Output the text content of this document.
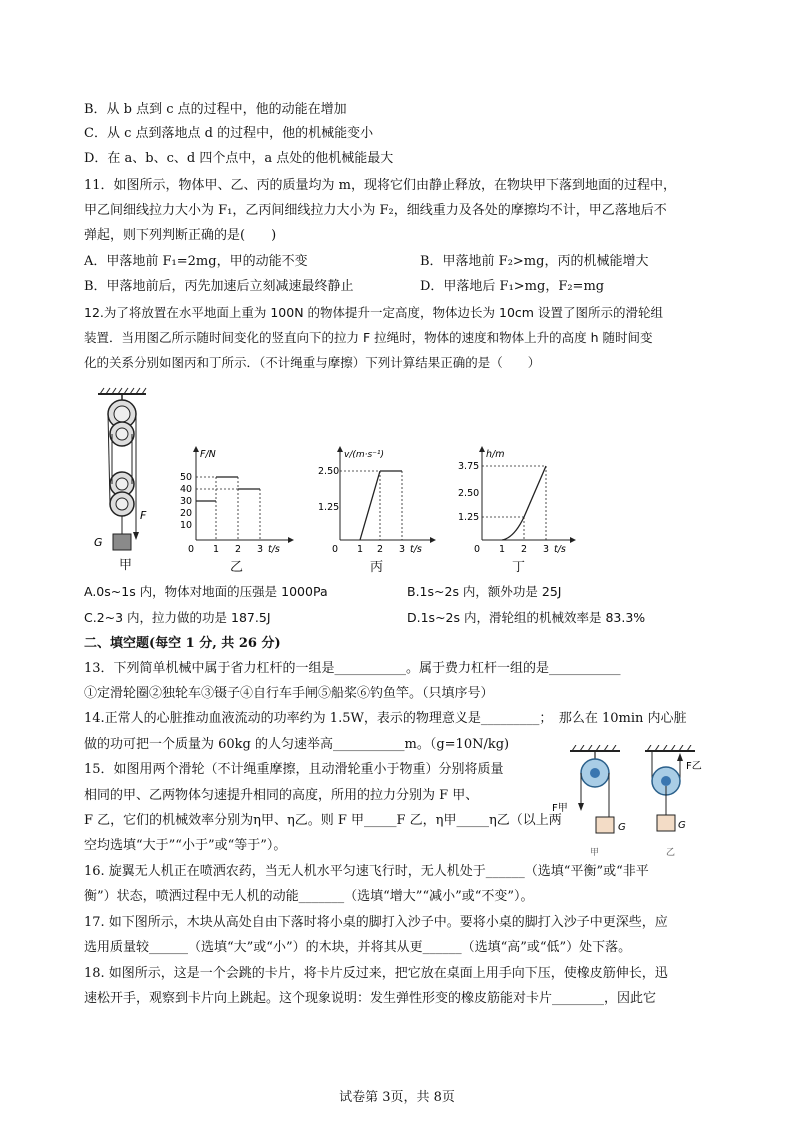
B．从 b 点到 c 点的过程中，他的动能在增加
C．从 c 点到落地点 d 的过程中，他的机械能变小
D．在 a、b、c、d 四个点中，a 点处的他机械能最大
11．如图所示，物体甲、乙、丙的质量均为 m，现将它们由静止释放，在物块甲下落到地面的过程中，
甲乙间细线拉力大小为 F₁，乙丙间细线拉力大小为 F₂，细线重力及各处的摩擦均不计，甲乙落地后不
弹起，则下列判断正确的是(　　)
A．甲落地前 F₁=2mg，甲的动能不变	B．甲落地前 F₂>mg，丙的机械能增大
B．甲落地前后，丙先加速后立刻减速最终静止	D．甲落地后 F₁>mg，F₂=mg
12.为了将放置在水平地面上重为 100N 的物体提升一定高度，物体边长为 10cm 设置了图所示的滑轮组
装置．当用图乙所示随时间变化的竖直向下的拉力 F 拉绳时，物体的速度和物体上升的高度 h 随时间变
化的关系分别如图丙和丁所示．（不计绳重与摩擦）下列计算结果正确的是（　　）
F
G
甲
F/N
50
40
30
20
10
0 1 2 3 t/s
乙
v/(m·s⁻¹)
2.50
1.25
0 1 2 3 t/s
丙
h/m
3.75
2.50
1.25
0 1 2 3 t/s
丁
A.0s~1s 内，物体对地面的压强是 1000Pa	B.1s~2s 内，额外功是 25J
C.2~3 内，拉力做的功是 187.5J	D.1s~2s 内，滑轮组的机械效率是 83.3%
二、填空题(每空 1 分, 共 26 分)
13．下列简单机械中属于省力杠杆的一组是___________。属于费力杠杆一组的是___________
①定滑轮圈②独轮车③镊子④自行车手闸⑤船桨⑥钓鱼竿。（只填序号）
14.正常人的心脏推动血液流动的功率约为 1.5W，表示的物理意义是_________；　那么在 10min 内心脏
做的功可把一个质量为 60kg 的人匀速举高___________m。（g=10N/kg)
15．如图用两个滑轮（不计绳重摩擦，且动滑轮重小于物重）分别将质量
相同的甲、乙两物体匀速提升相同的高度，所用的拉力分别为 F 甲、
F 乙，它们的机械效率分别为η甲、η乙。则 F 甲_____F 乙，η甲_____η乙（以上两
空均选填“大于”“小于”或“等于”）。
G
F甲
甲
F乙
G
乙
16. 旋翼无人机正在喷洒农药，当无人机水平匀速飞行时，无人机处于______（选填“平衡”或“非平
衡”）状态，喷洒过程中无人机的动能_______（选填“增大”“减小”或“不变”）。
17. 如下图所示，木块从高处自由下落时将小桌的脚打入沙子中。要将小桌的脚打入沙子中更深些，应
选用质量较______（选填“大”或“小”）的木块，并将其从更______（选填“高”或“低”）处下落。
18. 如图所示，这是一个会跳的卡片，将卡片反过来，把它放在桌面上用手向下压，使橡皮筋伸长，迅
速松开手，观察到卡片向上跳起。这个现象说明：发生弹性形变的橡皮筋能对卡片________，因此它
试卷第 3页，共 8页
